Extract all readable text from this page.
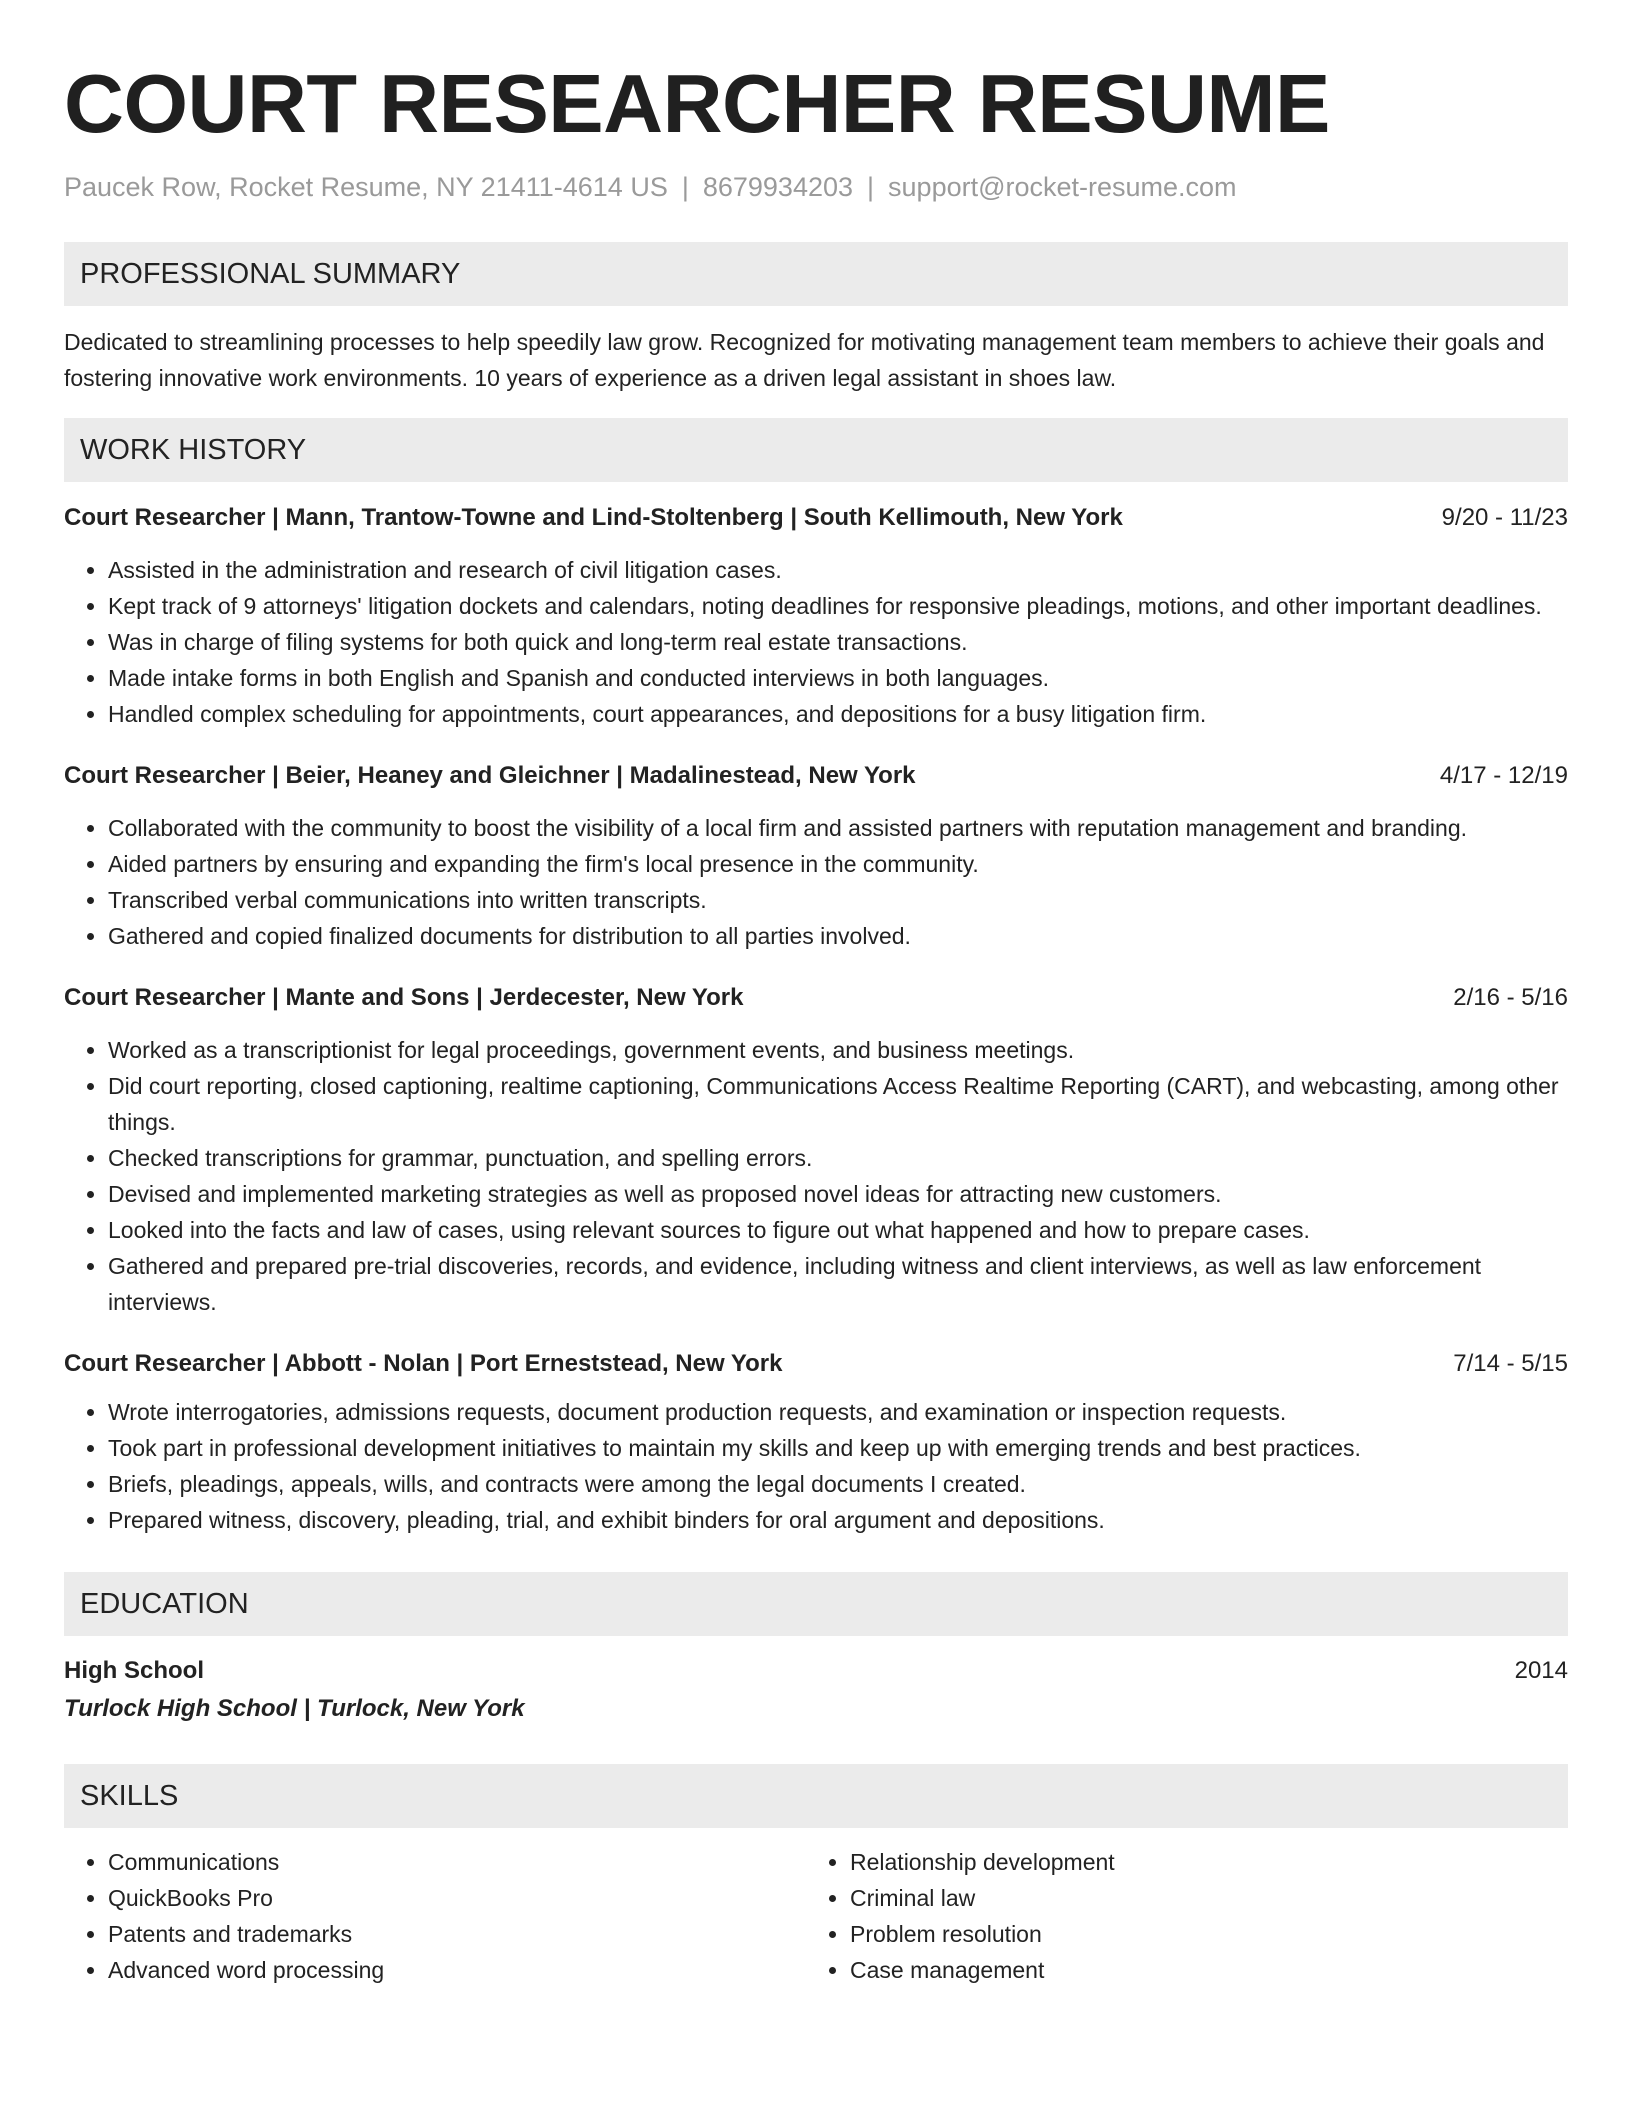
COURT RESEARCHER RESUME
Paucek Row, Rocket Resume, NY 21411-4614 US | 8679934203 | support@rocket-resume.com
PROFESSIONAL SUMMARY
Dedicated to streamlining processes to help speedily law grow. Recognized for motivating management team members to achieve their goals and fostering innovative work environments. 10 years of experience as a driven legal assistant in shoes law.
WORK HISTORY
Court Researcher | Mann, Trantow-Towne and Lind-Stoltenberg | South Kellimouth, New York	9/20 - 11/23
• Assisted in the administration and research of civil litigation cases.
• Kept track of 9 attorneys' litigation dockets and calendars, noting deadlines for responsive pleadings, motions, and other important deadlines.
• Was in charge of filing systems for both quick and long-term real estate transactions.
• Made intake forms in both English and Spanish and conducted interviews in both languages.
• Handled complex scheduling for appointments, court appearances, and depositions for a busy litigation firm.
Court Researcher | Beier, Heaney and Gleichner | Madalinestead, New York	4/17 - 12/19
• Collaborated with the community to boost the visibility of a local firm and assisted partners with reputation management and branding.
• Aided partners by ensuring and expanding the firm's local presence in the community.
• Transcribed verbal communications into written transcripts.
• Gathered and copied finalized documents for distribution to all parties involved.
Court Researcher | Mante and Sons | Jerdecester, New York	2/16 - 5/16
• Worked as a transcriptionist for legal proceedings, government events, and business meetings.
• Did court reporting, closed captioning, realtime captioning, Communications Access Realtime Reporting (CART), and webcasting, among other things.
• Checked transcriptions for grammar, punctuation, and spelling errors.
• Devised and implemented marketing strategies as well as proposed novel ideas for attracting new customers.
• Looked into the facts and law of cases, using relevant sources to figure out what happened and how to prepare cases.
• Gathered and prepared pre-trial discoveries, records, and evidence, including witness and client interviews, as well as law enforcement interviews.
Court Researcher | Abbott - Nolan | Port Erneststead, New York	7/14 - 5/15
• Wrote interrogatories, admissions requests, document production requests, and examination or inspection requests.
• Took part in professional development initiatives to maintain my skills and keep up with emerging trends and best practices.
• Briefs, pleadings, appeals, wills, and contracts were among the legal documents I created.
• Prepared witness, discovery, pleading, trial, and exhibit binders for oral argument and depositions.
EDUCATION
High School	2014
Turlock High School | Turlock, New York
SKILLS
• Communications
• QuickBooks Pro
• Patents and trademarks
• Advanced word processing
• Relationship development
• Criminal law
• Problem resolution
• Case management
